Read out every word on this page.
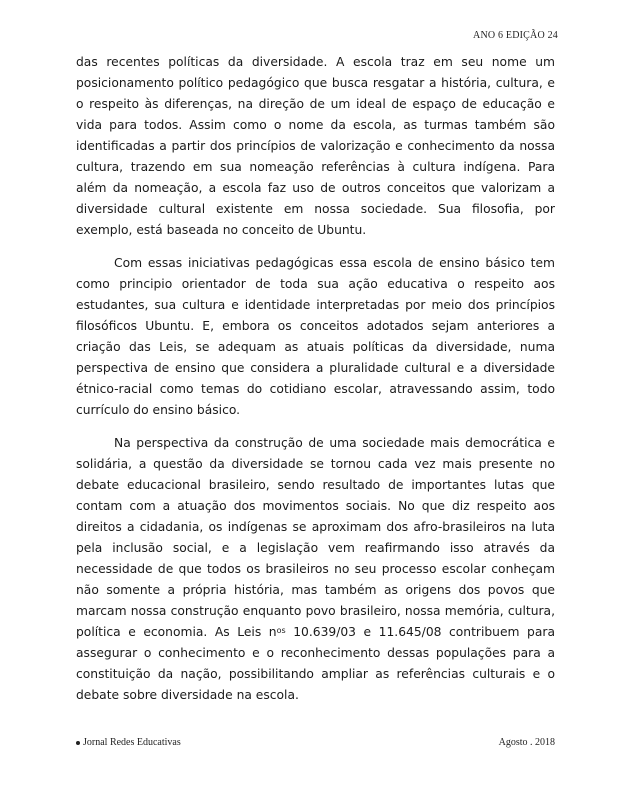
ANO 6 EDIÇÃO 24

das recentes políticas da diversidade. A escola traz em seu nome um posicionamento político pedagógico que busca resgatar a história, cultura, e o respeito às diferenças, na direção de um ideal de espaço de educação e vida para todos. Assim como o nome da escola, as turmas também são identificadas a partir dos princípios de valorização e conhecimento da nossa cultura, trazendo em sua nomeação referências à cultura indígena. Para além da nomeação, a escola faz uso de outros conceitos que valorizam a diversidade cultural existente em nossa sociedade. Sua filosofia, por exemplo, está baseada no conceito de Ubuntu.

Com essas iniciativas pedagógicas essa escola de ensino básico tem como principio orientador de toda sua ação educativa o respeito aos estudantes, sua cultura e identidade interpretadas por meio dos princípios filosóficos Ubuntu. E, embora os conceitos adotados sejam anteriores a criação das Leis, se adequam as atuais políticas da diversidade, numa perspectiva de ensino que considera a pluralidade cultural e a diversidade étnico-racial como temas do cotidiano escolar, atravessando assim, todo currículo do ensino básico.

Na perspectiva da construção de uma sociedade mais democrática e solidária, a questão da diversidade se tornou cada vez mais presente no debate educacional brasileiro, sendo resultado de importantes lutas que contam com a atuação dos movimentos sociais. No que diz respeito aos direitos a cidadania, os indígenas se aproximam dos afro-brasileiros na luta pela inclusão social, e a legislação vem reafirmando isso através da necessidade de que todos os brasileiros no seu processo escolar conheçam não somente a própria história, mas também as origens dos povos que marcam nossa construção enquanto povo brasileiro, nossa memória, cultura, política e economia. As Leis $n^{os}$ 10.639/03 e 11.645/08 contribuem para assegurar o conhecimento e o reconhecimento dessas populações para a constituição da nação, possibilitando ampliar as referências culturais e o debate sobre diversidade na escola.

Jornal Redes Educativas	Agosto . 2018
